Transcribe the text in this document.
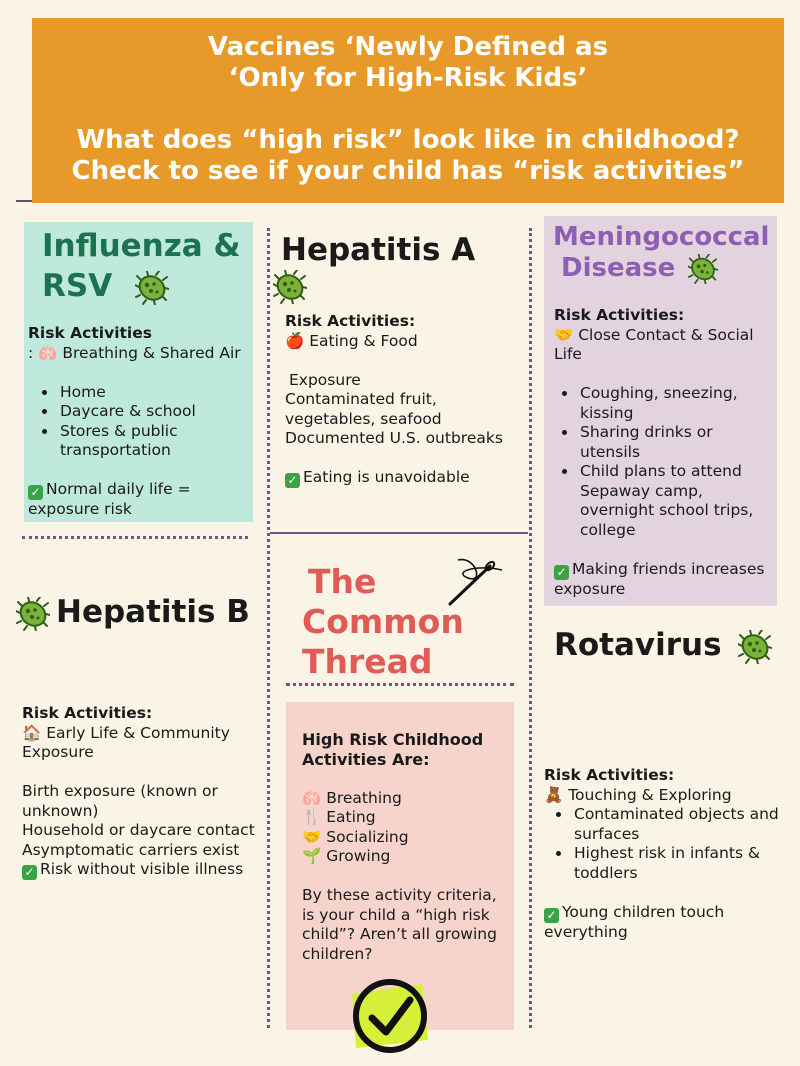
Vaccines ‘Newly Defined as
‘Only for High-Risk Kids’
What does “high risk” look like in childhood?
Check to see if your child has “risk activities”
Influenza &
RSV
Risk Activities
: 🫁 Breathing & Shared Air
• Home
• Daycare & school
• Stores & public transportation
✓ Normal daily life = exposure risk
Hepatitis A
Risk Activities:
🍎 Eating & Food
Exposure
Contaminated fruit, vegetables, seafood
Documented U.S. outbreaks
✓ Eating is unavoidable
Meningococcal
Disease
Risk Activities:
🤝 Close Contact & Social Life
• Coughing, sneezing, kissing
• Sharing drinks or utensils
• Child plans to attend Sepaway camp, overnight school trips, college
✓ Making friends increases exposure
Hepatitis B
Risk Activities:
🏠 Early Life & Community Exposure
Birth exposure (known or unknown)
Household or daycare contact
Asymptomatic carriers exist
✓ Risk without visible illness
The
Common
Thread
High Risk Childhood Activities Are:
🫁 Breathing
🍴 Eating
🤝 Socializing
🌱 Growing
By these activity criteria, is your child a “high risk child”? Aren’t all growing children?
Rotavirus
Risk Activities:
🧸 Touching & Exploring
• Contaminated objects and surfaces
• Highest risk in infants & toddlers
✓ Young children touch everything
